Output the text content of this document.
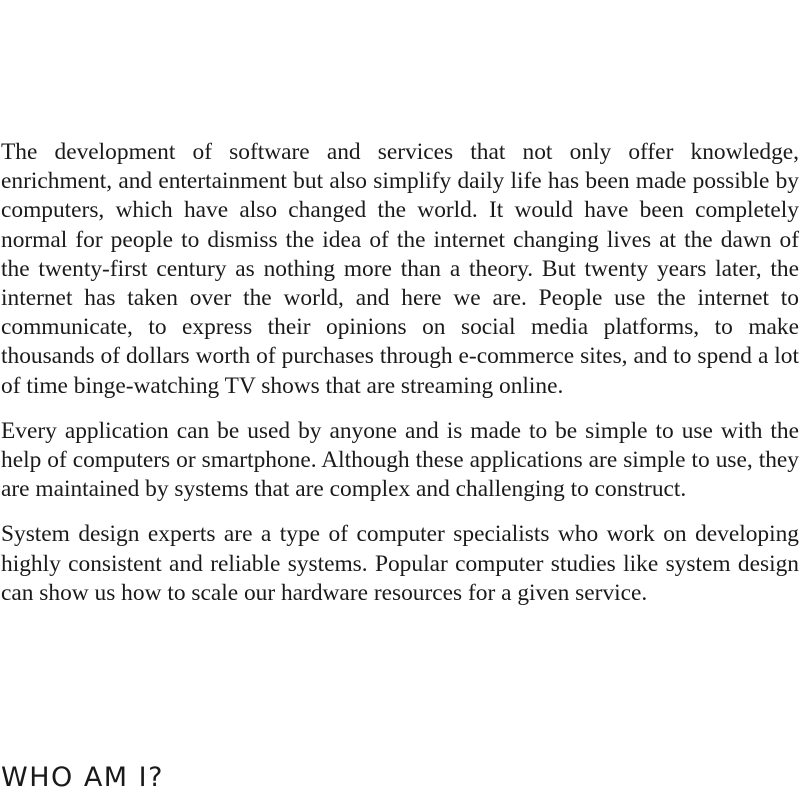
The development of software and services that not only offer knowledge, enrichment, and entertainment but also simplify daily life has been made possible by computers, which have also changed the world. It would have been completely normal for people to dismiss the idea of the internet changing lives at the dawn of the twenty-first century as nothing more than a theory. But twenty years later, the internet has taken over the world, and here we are. People use the internet to communicate, to express their opinions on social media platforms, to make thousands of dollars worth of purchases through e-commerce sites, and to spend a lot of time binge-watching TV shows that are streaming online.

Every application can be used by anyone and is made to be simple to use with the help of computers or smartphone. Although these applications are simple to use, they are maintained by systems that are complex and challenging to construct.

System design experts are a type of computer specialists who work on developing highly consistent and reliable systems. Popular computer studies like system design can show us how to scale our hardware resources for a given service.

WHO AM I?
